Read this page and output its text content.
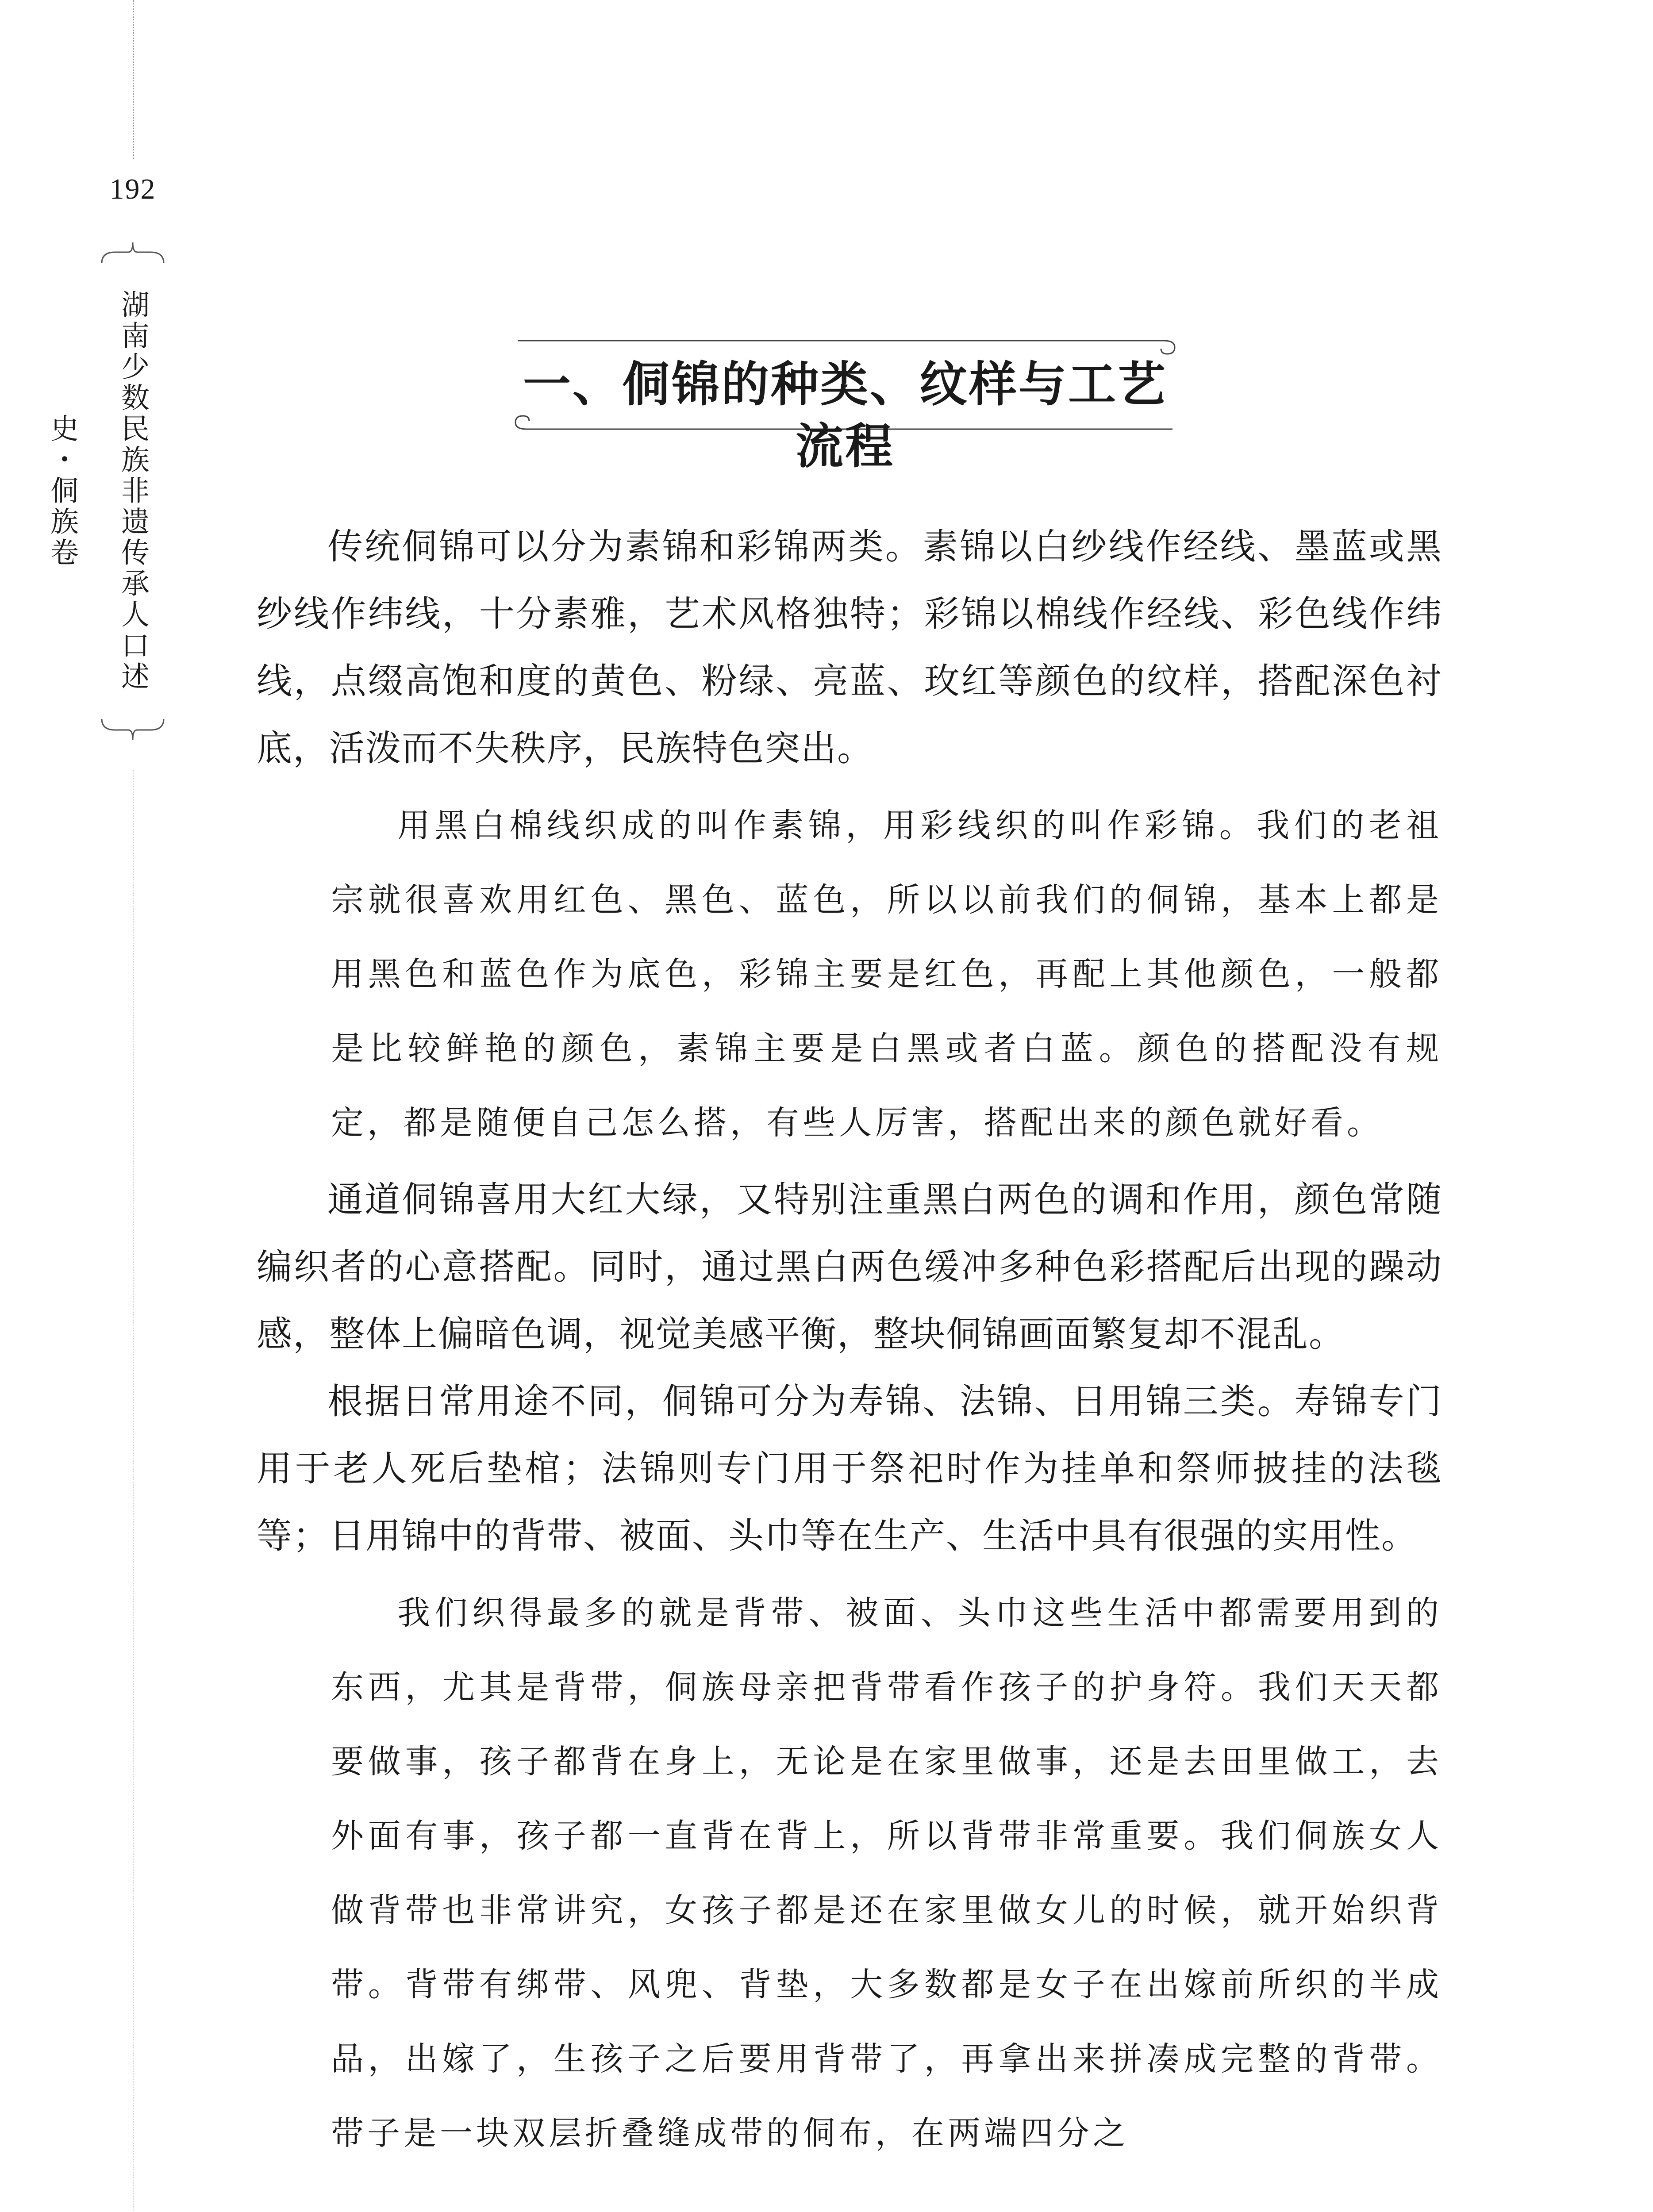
192
湖南少数民族非遗传承人口述史・侗族卷
一、侗锦的种类、纹样与工艺流程

传统侗锦可以分为素锦和彩锦两类。素锦以白纱线作经线、墨蓝或黑纱线作纬线，十分素雅，艺术风格独特；彩锦以棉线作经线、彩色线作纬线，点缀高饱和度的黄色、粉绿、亮蓝、玫红等颜色的纹样，搭配深色衬底，活泼而不失秩序，民族特色突出。

用黑白棉线织成的叫作素锦，用彩线织的叫作彩锦。我们的老祖宗就很喜欢用红色、黑色、蓝色，所以以前我们的侗锦，基本上都是用黑色和蓝色作为底色，彩锦主要是红色，再配上其他颜色，一般都是比较鲜艳的颜色，素锦主要是白黑或者白蓝。颜色的搭配没有规定，都是随便自己怎么搭，有些人厉害，搭配出来的颜色就好看。

通道侗锦喜用大红大绿，又特别注重黑白两色的调和作用，颜色常随编织者的心意搭配。同时，通过黑白两色缓冲多种色彩搭配后出现的躁动感，整体上偏暗色调，视觉美感平衡，整块侗锦画面繁复却不混乱。

根据日常用途不同，侗锦可分为寿锦、法锦、日用锦三类。寿锦专门用于老人死后垫棺；法锦则专门用于祭祀时作为挂单和祭师披挂的法毯等；日用锦中的背带、被面、头巾等在生产、生活中具有很强的实用性。

我们织得最多的就是背带、被面、头巾这些生活中都需要用到的东西，尤其是背带，侗族母亲把背带看作孩子的护身符。我们天天都要做事，孩子都背在身上，无论是在家里做事，还是去田里做工，去外面有事，孩子都一直背在背上，所以背带非常重要。我们侗族女人做背带也非常讲究，女孩子都是还在家里做女儿的时候，就开始织背带。背带有绑带、风兜、背垫，大多数都是女子在出嫁前所织的半成品，出嫁了，生孩子之后要用背带了，再拿出来拼凑成完整的背带。带子是一块双层折叠缝成带的侗布，在两端四分之
